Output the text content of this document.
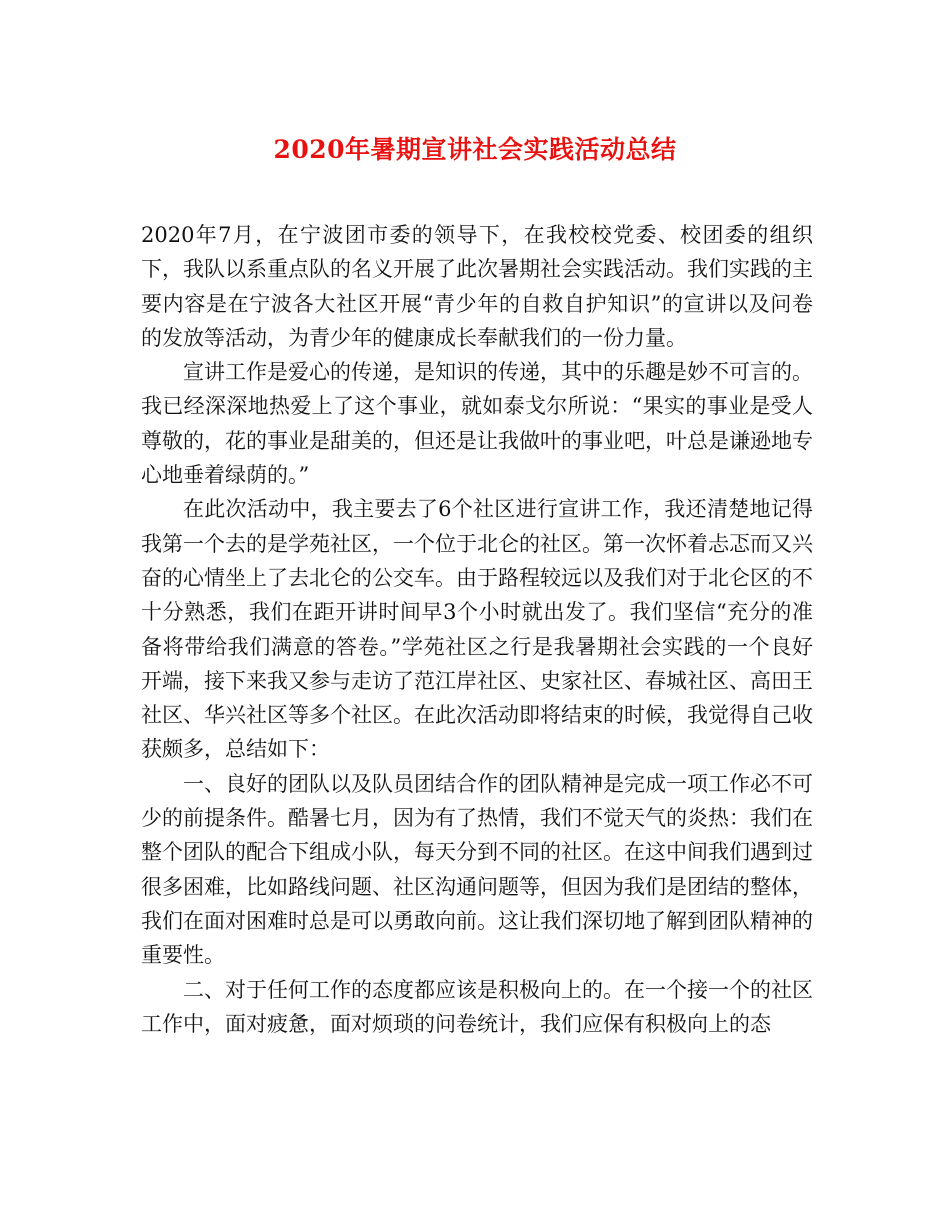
2020年暑期宣讲社会实践活动总结

2020年7月，在宁波团市委的领导下，在我校校党委、校团委的组织下，我队以系重点队的名义开展了此次暑期社会实践活动。我们实践的主要内容是在宁波各大社区开展“青少年的自救自护知识”的宣讲以及问卷的发放等活动，为青少年的健康成长奉献我们的一份力量。

宣讲工作是爱心的传递，是知识的传递，其中的乐趣是妙不可言的。我已经深深地热爱上了这个事业，就如泰戈尔所说：“果实的事业是受人尊敬的，花的事业是甜美的，但还是让我做叶的事业吧，叶总是谦逊地专心地垂着绿荫的。”

在此次活动中，我主要去了6个社区进行宣讲工作，我还清楚地记得我第一个去的是学苑社区，一个位于北仑的社区。第一次怀着忐忑而又兴奋的心情坐上了去北仑的公交车。由于路程较远以及我们对于北仑区的不十分熟悉，我们在距开讲时间早3个小时就出发了。我们坚信“充分的准备将带给我们满意的答卷。”学苑社区之行是我暑期社会实践的一个良好开端，接下来我又参与走访了范江岸社区、史家社区、春城社区、高田王社区、华兴社区等多个社区。在此次活动即将结束的时候，我觉得自己收获颇多，总结如下：

一、良好的团队以及队员团结合作的团队精神是完成一项工作必不可少的前提条件。酷暑七月，因为有了热情，我们不觉天气的炎热：我们在整个团队的配合下组成小队，每天分到不同的社区。在这中间我们遇到过很多困难，比如路线问题、社区沟通问题等，但因为我们是团结的整体，我们在面对困难时总是可以勇敢向前。这让我们深切地了解到团队精神的重要性。

二、对于任何工作的态度都应该是积极向上的。在一个接一个的社区工作中，面对疲惫，面对烦琐的问卷统计，我们应保有积极向上的态
